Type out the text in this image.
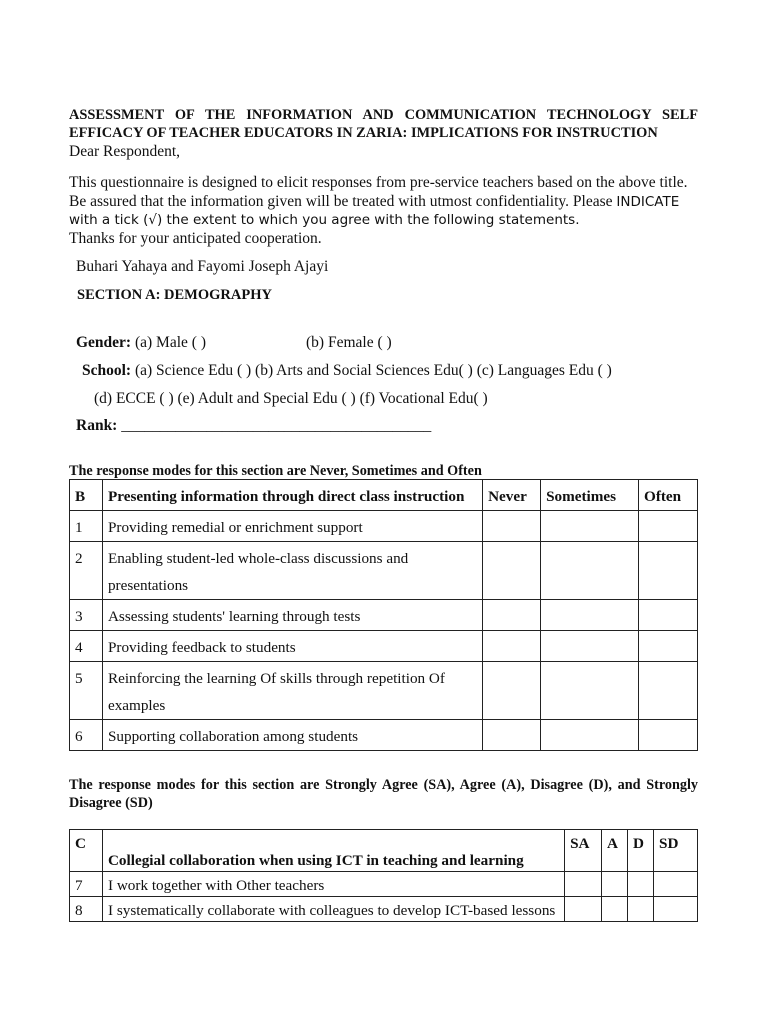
ASSESSMENT OF THE INFORMATION AND COMMUNICATION TECHNOLOGY SELF EFFICACY OF TEACHER EDUCATORS IN ZARIA: IMPLICATIONS FOR INSTRUCTION

Dear Respondent,

This questionnaire is designed to elicit responses from pre-service teachers based on the above title. Be assured that the information given will be treated with utmost confidentiality. Please INDICATE with a tick (√) the extent to which you agree with the following statements.
Thanks for your anticipated cooperation.

Buhari Yahaya and Fayomi Joseph Ajayi
SECTION A: DEMOGRAPHY
Gender: (a) Male ( )	(b) Female ( )
School: (a) Science Edu ( ) (b) Arts and Social Sciences Edu( ) (c) Languages Edu ( )
(d) ECCE ( ) (e) Adult and Special Edu ( ) (f) Vocational Edu( )
Rank: ________________________________________
The response modes for this section are Never, Sometimes and Often
B	Presenting information through direct class instruction	Never	Sometimes	Often
1	Providing remedial or enrichment support			
2	Enabling student-led whole-class discussions and presentations			
3	Assessing students' learning through tests			
4	Providing feedback to students			
5	Reinforcing the learning Of skills through repetition Of examples			
6	Supporting collaboration among students			
The response modes for this section are Strongly Agree (SA), Agree (A), Disagree (D), and Strongly Disagree (SD)
C	Collegial collaboration when using ICT in teaching and learning	SA	A	D	SD
7	I work together with Other teachers				
8	I systematically collaborate with colleagues to develop ICT-based lessons				
